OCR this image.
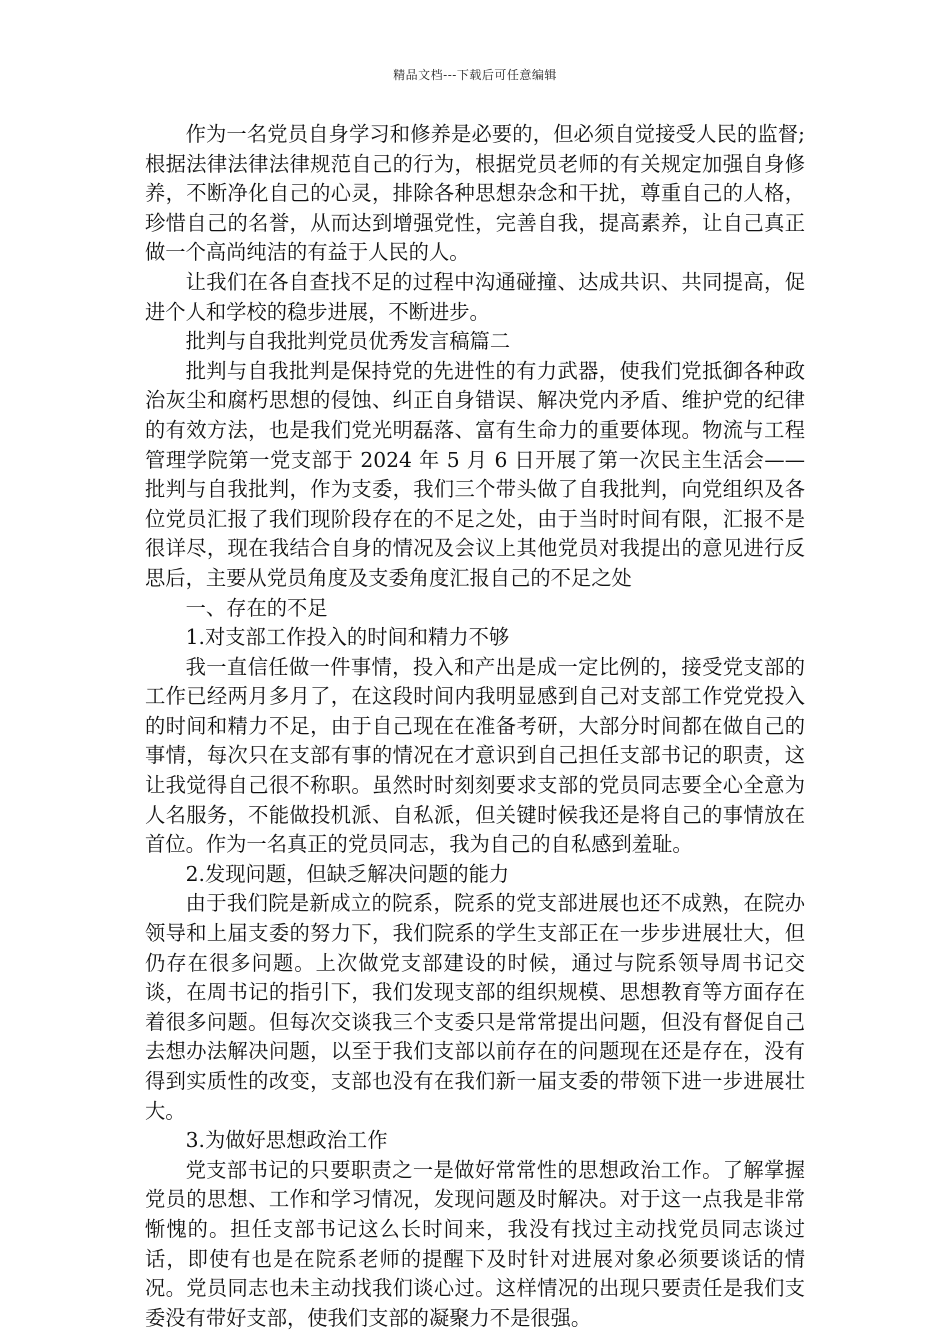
精品文档---下载后可任意编辑

作为一名党员自身学习和修养是必要的，但必须自觉接受人民的监督;根据法律法律法律规范自己的行为，根据党员老师的有关规定加强自身修养，不断净化自己的心灵，排除各种思想杂念和干扰，尊重自己的人格，珍惜自己的名誉，从而达到增强党性，完善自我，提高素养，让自己真正做一个高尚纯洁的有益于人民的人。

让我们在各自查找不足的过程中沟通碰撞、达成共识、共同提高，促进个人和学校的稳步进展，不断进步。

批判与自我批判党员优秀发言稿篇二

批判与自我批判是保持党的先进性的有力武器，使我们党抵御各种政治灰尘和腐朽思想的侵蚀、纠正自身错误、解决党内矛盾、维护党的纪律的有效方法，也是我们党光明磊落、富有生命力的重要体现。物流与工程管理学院第一党支部于 2024 年 5 月 6 日开展了第一次民主生活会——批判与自我批判，作为支委，我们三个带头做了自我批判，向党组织及各位党员汇报了我们现阶段存在的不足之处，由于当时时间有限，汇报不是很详尽，现在我结合自身的情况及会议上其他党员对我提出的意见进行反思后，主要从党员角度及支委角度汇报自己的不足之处

一、存在的不足

1.对支部工作投入的时间和精力不够

我一直信任做一件事情，投入和产出是成一定比例的，接受党支部的工作已经两月多月了，在这段时间内我明显感到自己对支部工作党党投入的时间和精力不足，由于自己现在在准备考研，大部分时间都在做自己的事情，每次只在支部有事的情况在才意识到自己担任支部书记的职责，这让我觉得自己很不称职。虽然时时刻刻要求支部的党员同志要全心全意为人名服务，不能做投机派、自私派，但关键时候我还是将自己的事情放在首位。作为一名真正的党员同志，我为自己的自私感到羞耻。

2.发现问题，但缺乏解决问题的能力

由于我们院是新成立的院系，院系的党支部进展也还不成熟，在院办领导和上届支委的努力下，我们院系的学生支部正在一步步进展壮大，但仍存在很多问题。上次做党支部建设的时候，通过与院系领导周书记交谈，在周书记的指引下，我们发现支部的组织规模、思想教育等方面存在着很多问题。但每次交谈我三个支委只是常常提出问题，但没有督促自己去想办法解决问题，以至于我们支部以前存在的问题现在还是存在，没有得到实质性的改变，支部也没有在我们新一届支委的带领下进一步进展壮大。

3.为做好思想政治工作

党支部书记的只要职责之一是做好常常性的思想政治工作。了解掌握党员的思想、工作和学习情况，发现问题及时解决。对于这一点我是非常惭愧的。担任支部书记这么长时间来，我没有找过主动找党员同志谈过话，即使有也是在院系老师的提醒下及时针对进展对象必须要谈话的情况。党员同志也未主动找我们谈心过。这样情况的出现只要责任是我们支委没有带好支部，使我们支部的凝聚力不是很强。
